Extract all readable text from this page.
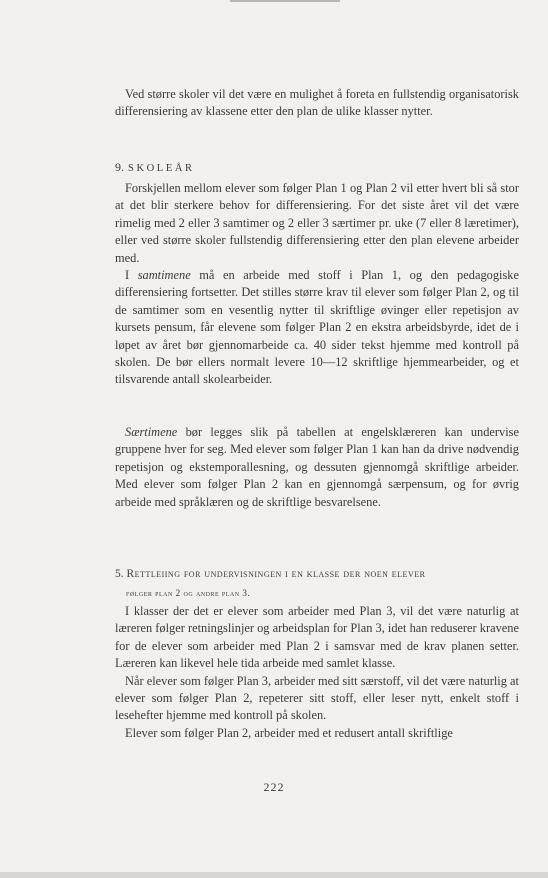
Ved større skoler vil det være en mulighet å foreta en fullstendig organisatorisk differensiering av klassene etter den plan de ulike klasser nytter.

9. SKOLEÅR

Forskjellen mellom elever som følger Plan 1 og Plan 2 vil etter hvert bli så stor at det blir sterkere behov for differensiering. For det siste året vil det være rimelig med 2 eller 3 samtimer og 2 eller 3 særtimer pr. uke (7 eller 8 læretimer), eller ved større skoler fullstendig differensiering etter den plan elevene arbeider med.

I samtimene må en arbeide med stoff i Plan 1, og den pedagogiske differensiering fortsetter. Det stilles større krav til elever som følger Plan 2, og til de samtimer som en vesentlig nytter til skriftlige øvinger eller repetisjon av kursets pensum, får elevene som følger Plan 2 en ekstra arbeidsbyrde, idet de i løpet av året bør gjennomarbeide ca. 40 sider tekst hjemme med kontroll på skolen. De bør ellers normalt levere 10—12 skriftlige hjemmearbeider, og et tilsvarende antall skolearbeider.

Særtimene bør legges slik på tabellen at engelsklæreren kan undervise gruppene hver for seg. Med elever som følger Plan 1 kan han da drive nødvendig repetisjon og ekstemporallesning, og dessuten gjennomgå skriftlige arbeider. Med elever som følger Plan 2 kan en gjennomgå særpensum, og for øvrig arbeide med språklæren og de skriftlige besvarelsene.

5. Rettleiing for undervisningen i en klasse der noen elever
følger plan 2 og andre plan 3.

I klasser der det er elever som arbeider med Plan 3, vil det være naturlig at læreren følger retningslinjer og arbeidsplan for Plan 3, idet han reduserer kravene for de elever som arbeider med Plan 2 i samsvar med de krav planen setter. Læreren kan likevel hele tida arbeide med samlet klasse.

Når elever som følger Plan 3, arbeider med sitt særstoff, vil det være naturlig at elever som følger Plan 2, repeterer sitt stoff, eller leser nytt, enkelt stoff i lesehefter hjemme med kontroll på skolen.

Elever som følger Plan 2, arbeider med et redusert antall skriftlige

222
